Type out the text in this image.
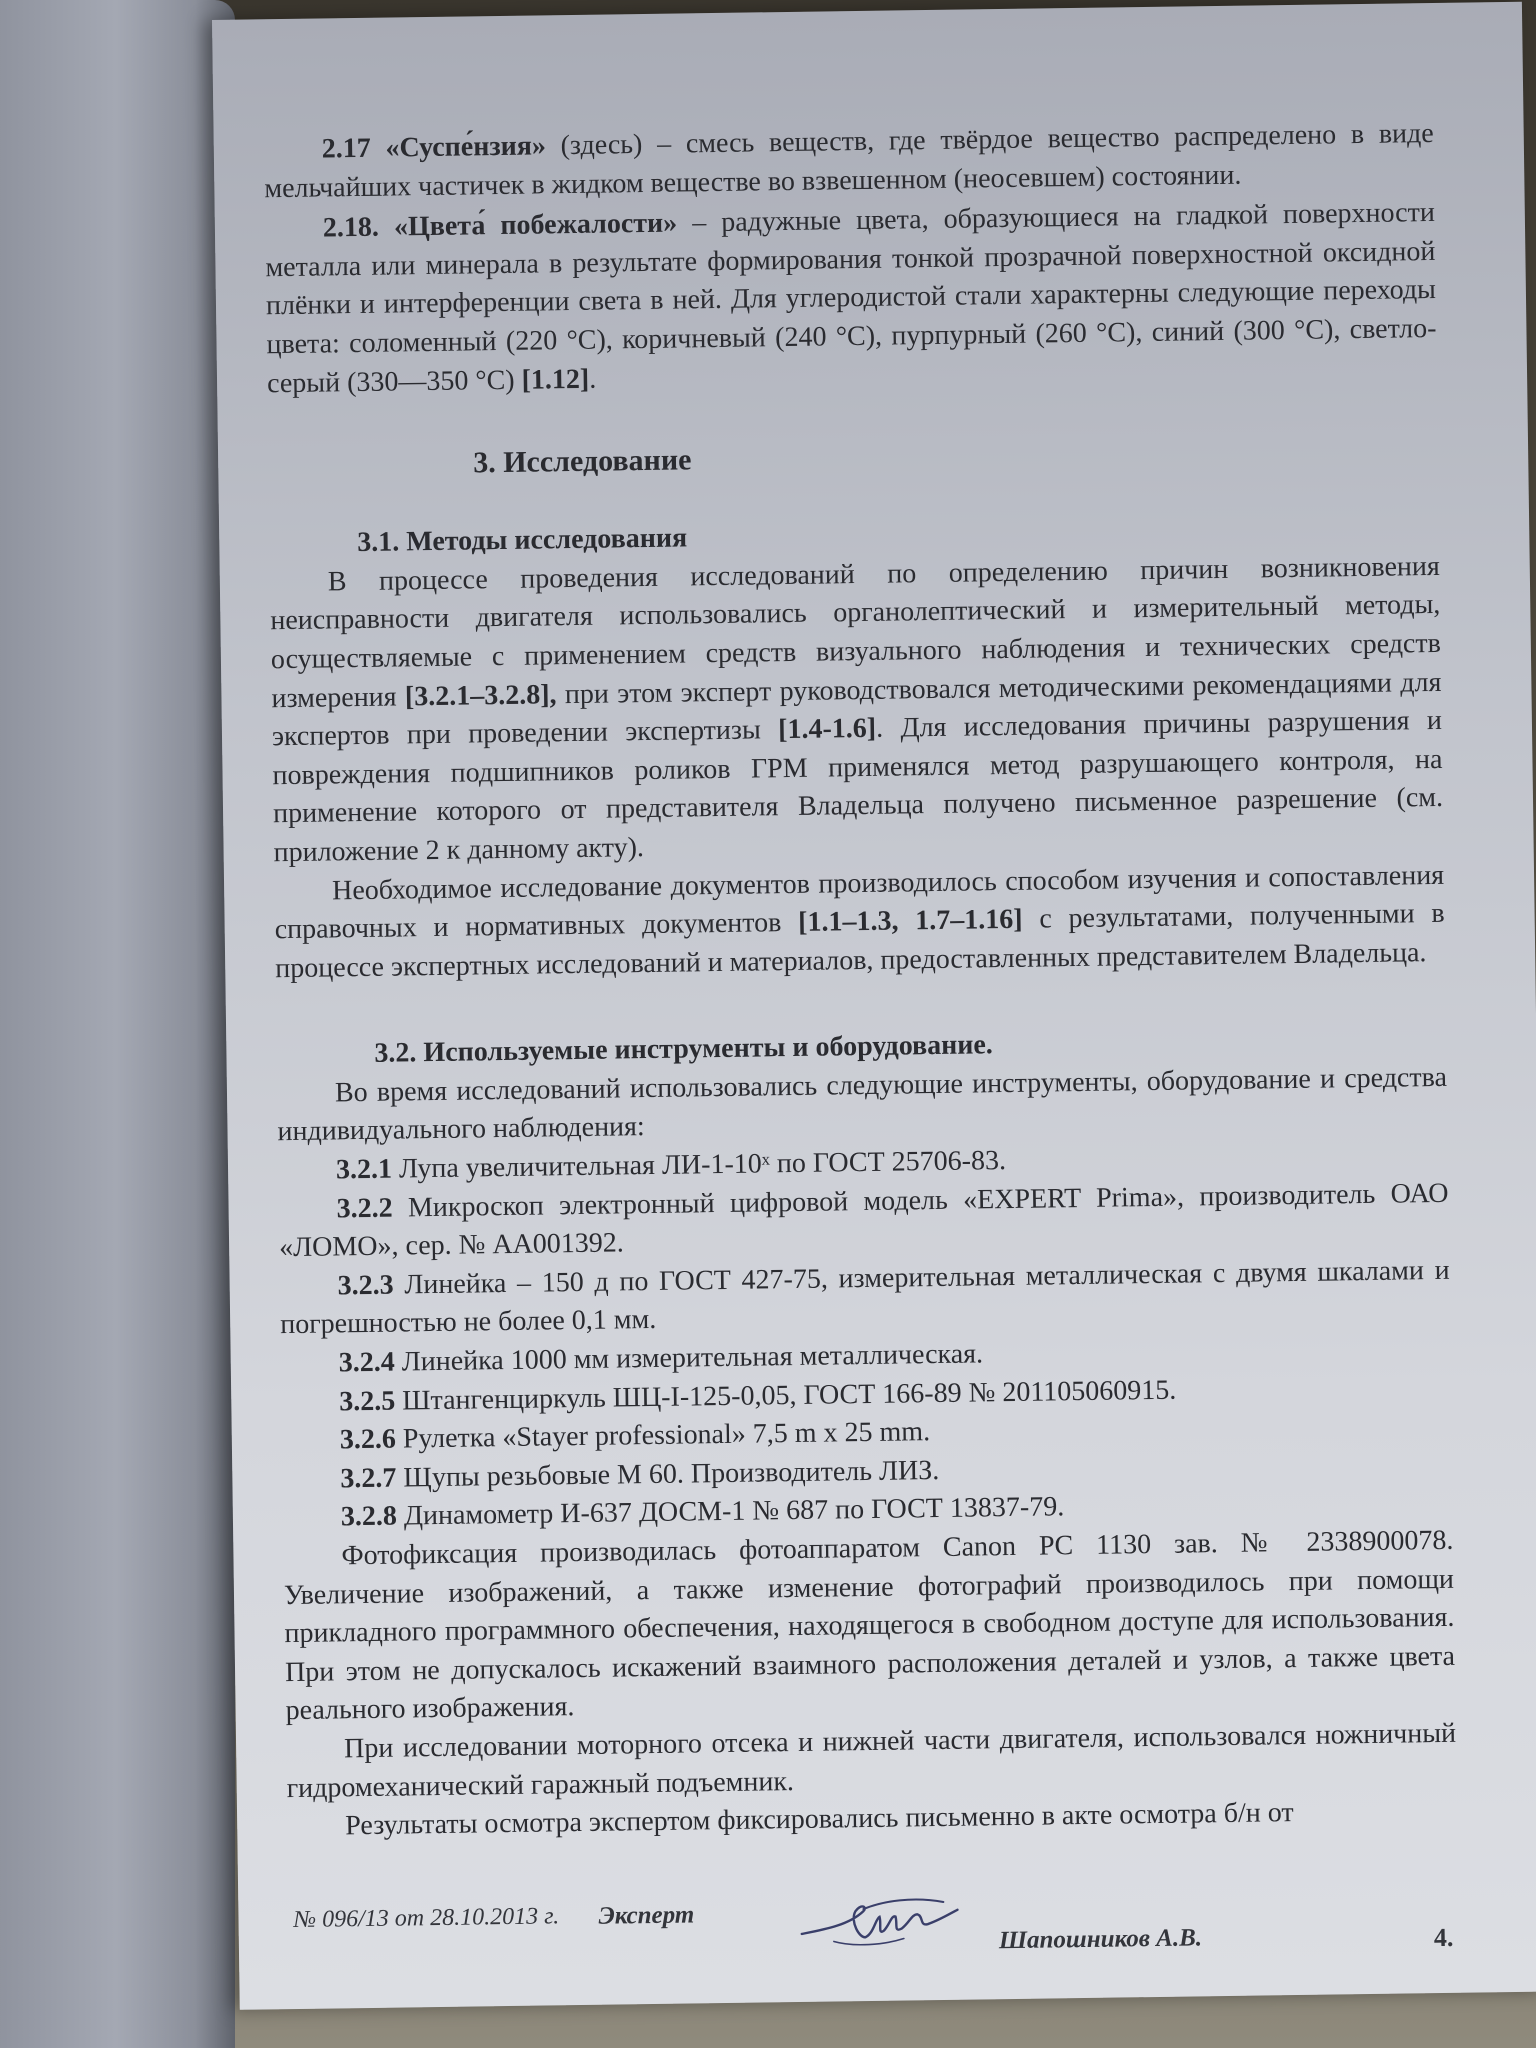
2.17 «Суспе́нзия» (здесь) – смесь веществ, где твёрдое вещество распределено в виде мельчайших частичек в жидком веществе во взвешенном (неосевшем) состоянии.

2.18. «Цвета́ побежалости» – радужные цвета, образующиеся на гладкой поверхности металла или минерала в результате формирования тонкой прозрачной поверхностной оксидной плёнки и интерференции света в ней. Для углеродистой стали характерны следующие переходы цвета: соломенный (220 °C), коричневый (240 °C), пурпурный (260 °C), синий (300 °C), светло-серый (330—350 °C) [1.12].

3. Исследование
3.1. Методы исследования

В процессе проведения исследований по определению причин возникновения неисправности двигателя использовались органолептический и измерительный методы, осуществляемые с применением средств визуального наблюдения и технических средств измерения [3.2.1–3.2.8], при этом эксперт руководствовался методическими рекомендациями для экспертов при проведении экспертизы [1.4-1.6]. Для исследования причины разрушения и повреждения подшипников роликов ГРМ применялся метод разрушающего контроля, на применение которого от представителя Владельца получено письменное разрешение (см. приложение 2 к данному акту).

Необходимое исследование документов производилось способом изучения и сопоставления справочных и нормативных документов [1.1–1.3, 1.7–1.16] с результатами, полученными в процессе экспертных исследований и материалов, предоставленных представителем Владельца.

3.2. Используемые инструменты и оборудование.

Во время исследований использовались следующие инструменты, оборудование и средства индивидуального наблюдения:

3.2.1 Лупа увеличительная ЛИ-1-10ˣ по ГОСТ 25706-83.

3.2.2 Микроскоп электронный цифровой модель «EXPERT Prima», производитель ОАО «ЛОМО», сер. № AA001392.

3.2.3 Линейка – 150 д по ГОСТ 427-75, измерительная металлическая с двумя шкалами и погрешностью не более 0,1 мм.

3.2.4 Линейка 1000 мм измерительная металлическая.

3.2.5 Штангенциркуль ШЦ-I-125-0,05, ГОСТ 166-89 № 201105060915.

3.2.6 Рулетка «Stayer professional» 7,5 m x 25 mm.

3.2.7 Щупы резьбовые М 60. Производитель ЛИЗ.

3.2.8 Динамометр И-637 ДОСМ-1 № 687 по ГОСТ 13837-79.

Фотофиксация производилась фотоаппаратом Canon PC 1130 зав. № 2338900078. Увеличение изображений, а также изменение фотографий производилось при помощи прикладного программного обеспечения, находящегося в свободном доступе для использования. При этом не допускалось искажений взаимного расположения деталей и узлов, а также цвета реального изображения.

При исследовании моторного отсека и нижней части двигателя, использовался ножничный гидромеханический гаражный подъемник.

Результаты осмотра экспертом фиксировались письменно в акте осмотра б/н от

№ 096/13 от 28.10.2013 г. Эксперт
Шапошников А.В.	4.
